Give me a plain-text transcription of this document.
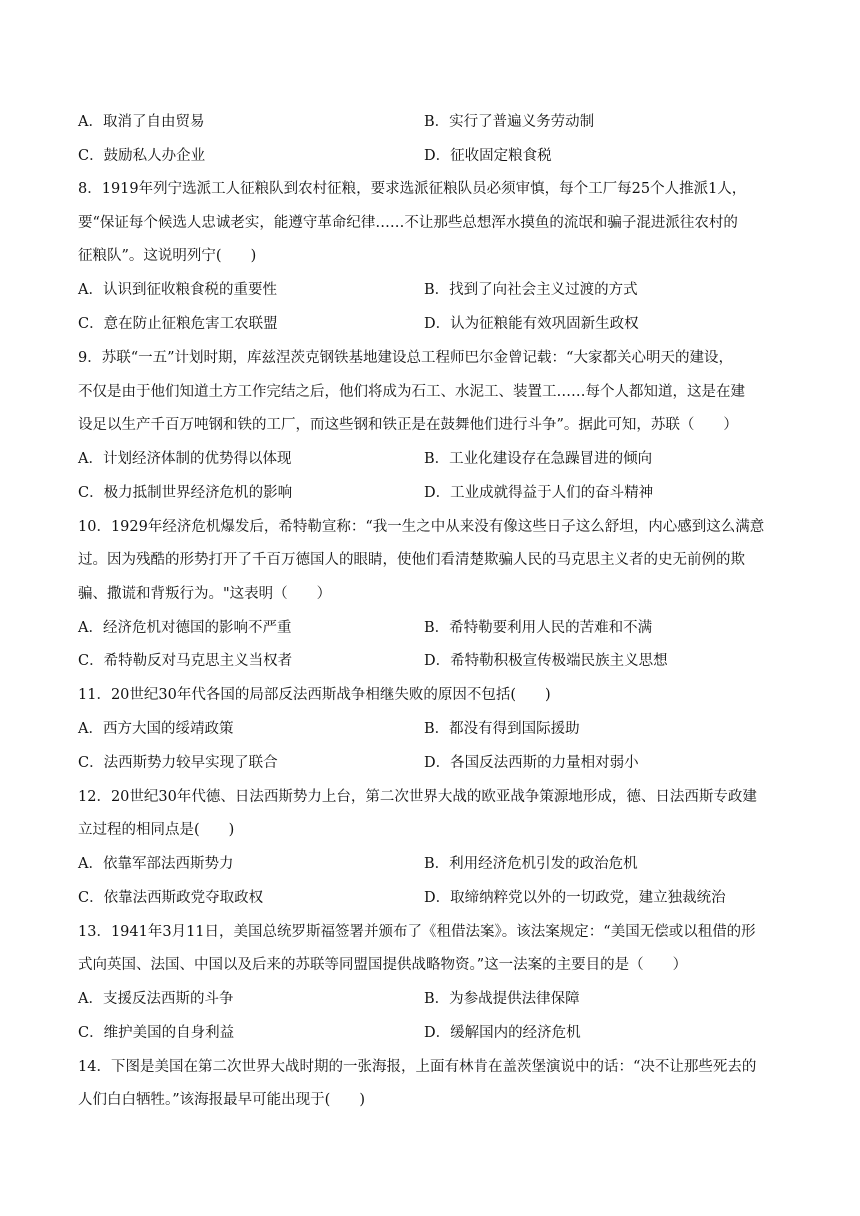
A．取消了自由贸易	B．实行了普遍义务劳动制
C．鼓励私人办企业	D．征收固定粮食税
8．1919年列宁选派工人征粮队到农村征粮，要求选派征粮队员必须审慎，每个工厂每25个人推派1人，
要“保证每个候选人忠诚老实，能遵守革命纪律……不让那些总想浑水摸鱼的流氓和骗子混进派往农村的
征粮队”。这说明列宁(　　)
A．认识到征收粮食税的重要性	B．找到了向社会主义过渡的方式
C．意在防止征粮危害工农联盟	D．认为征粮能有效巩固新生政权
9．苏联“一五”计划时期，库兹涅茨克钢铁基地建设总工程师巴尔金曾记载：“大家都关心明天的建设，
不仅是由于他们知道土方工作完结之后，他们将成为石工、水泥工、装置工……每个人都知道，这是在建
设足以生产千百万吨钢和铁的工厂，而这些钢和铁正是在鼓舞他们进行斗争”。据此可知，苏联（　　）
A．计划经济体制的优势得以体现	B．工业化建设存在急躁冒进的倾向
C．极力抵制世界经济危机的影响	D．工业成就得益于人们的奋斗精神
10．1929年经济危机爆发后，希特勒宣称：“我一生之中从来没有像这些日子这么舒坦，内心感到这么满意
过。因为残酷的形势打开了千百万德国人的眼睛，使他们看清楚欺骗人民的马克思主义者的史无前例的欺
骗、撒谎和背叛行为。"这表明（　　）
A．经济危机对德国的影响不严重	B．希特勒要利用人民的苦难和不满
C．希特勒反对马克思主义当权者	D．希特勒积极宣传极端民族主义思想
11．20世纪30年代各国的局部反法西斯战争相继失败的原因不包括(　　)
A．西方大国的绥靖政策	B．都没有得到国际援助
C．法西斯势力较早实现了联合	D．各国反法西斯的力量相对弱小
12．20世纪30年代德、日法西斯势力上台，第二次世界大战的欧亚战争策源地形成，德、日法西斯专政建
立过程的相同点是(　　)
A．依靠军部法西斯势力	B．利用经济危机引发的政治危机
C．依靠法西斯政党夺取政权	D．取缔纳粹党以外的一切政党，建立独裁统治
13．1941年3月11日，美国总统罗斯福签署并颁布了《租借法案》。该法案规定：“美国无偿或以租借的形
式向英国、法国、中国以及后来的苏联等同盟国提供战略物资。”这一法案的主要目的是（　　）
A．支援反法西斯的斗争	B．为参战提供法律保障
C．维护美国的自身利益	D．缓解国内的经济危机
14．下图是美国在第二次世界大战时期的一张海报，上面有林肯在盖茨堡演说中的话：“决不让那些死去的
人们白白牺牲。”该海报最早可能出现于(　　)
